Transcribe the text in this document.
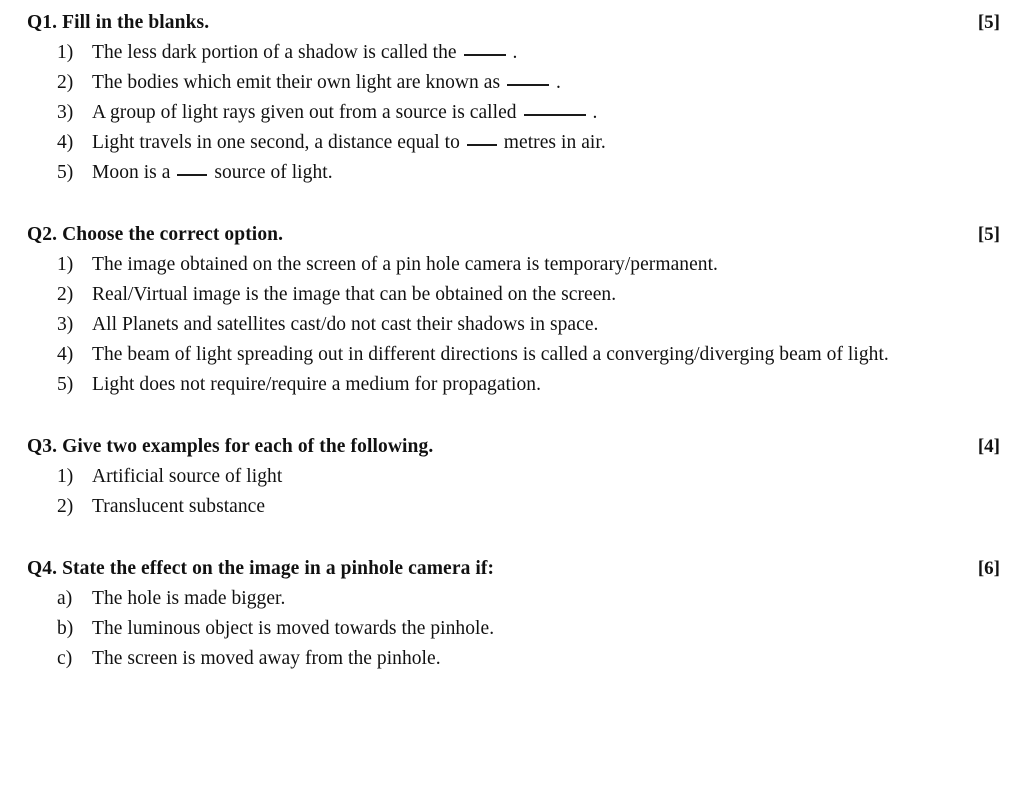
Q1. Fill in the blanks.	[5]
1) The less dark portion of a shadow is called the	.
2) The bodies which emit their own light are known as	.
3) A group of light rays given out from a source is called	.
4) Light travels in one second, a distance equal to metres in air.
5) Moon is a source of light.
Q2. Choose the correct option.	[5]
1) The image obtained on the screen of a pin hole camera is temporary/permanent.
2) Real/Virtual image is the image that can be obtained on the screen.
3) All Planets and satellites cast/do not cast their shadows in space.
4) The beam of light spreading out in different directions is called a converging/diverging beam of light.
5) Light does not require/require a medium for propagation.
Q3. Give two examples for each of the following.	[4]
1) Artificial source of light
2) Translucent substance
Q4. State the effect on the image in a pinhole camera if:	[6]
a)	The hole is made bigger.
b) The luminous object is moved towards the pinhole.
c)	The screen is moved away from the pinhole.
